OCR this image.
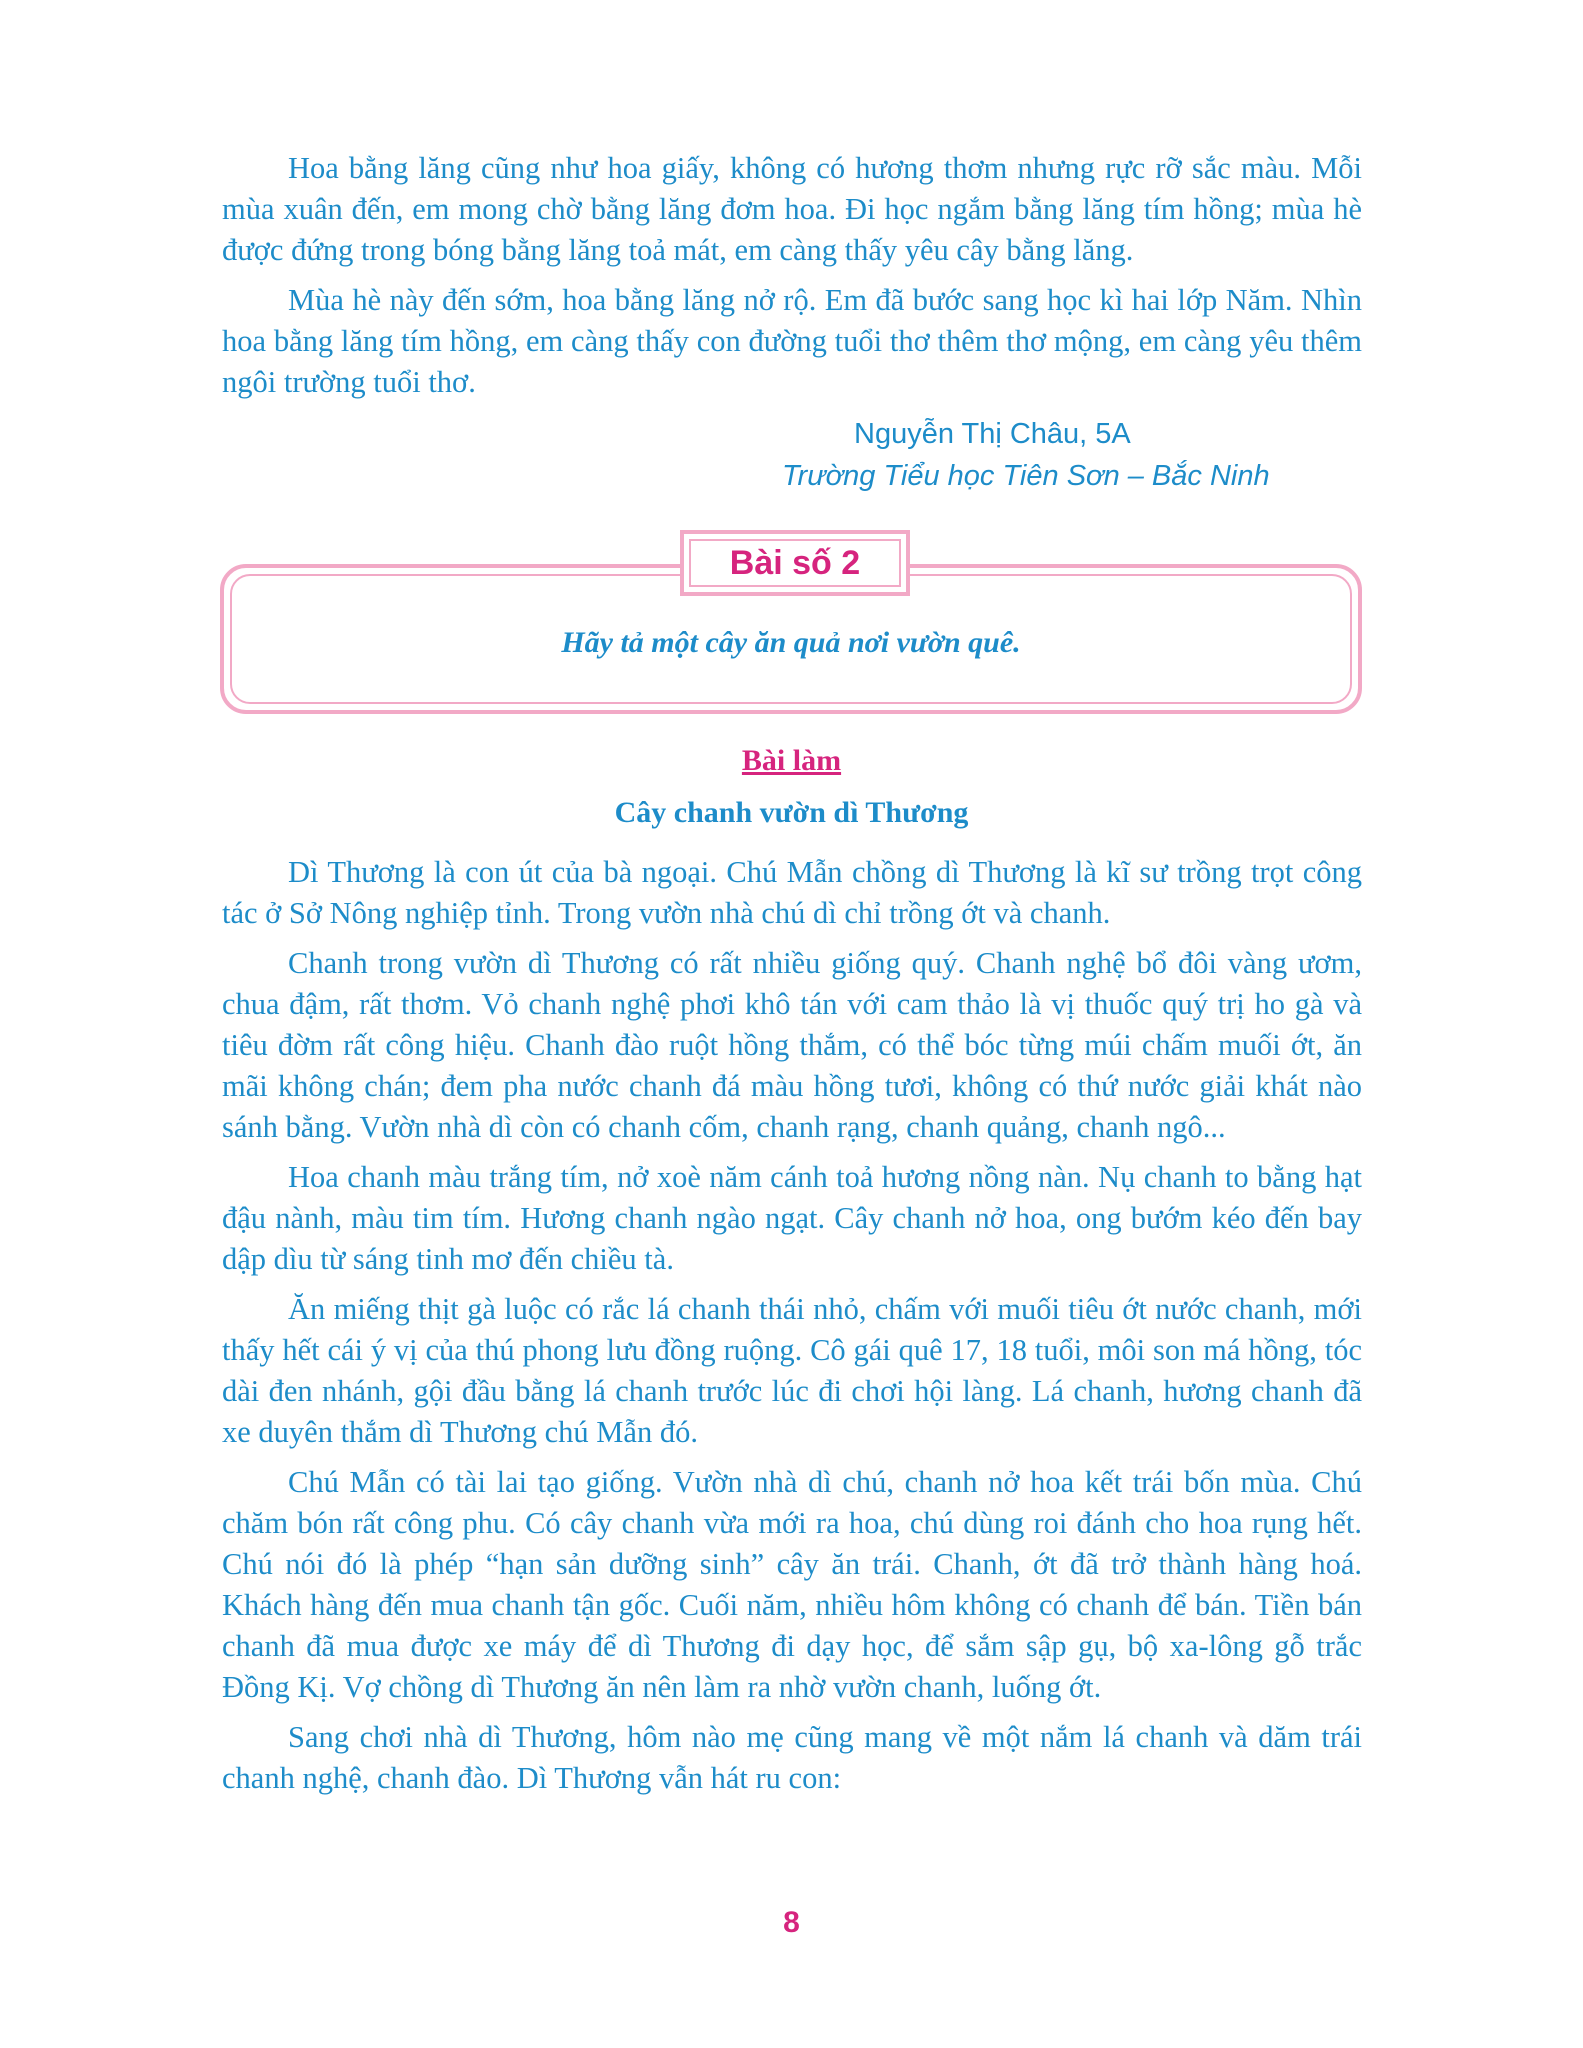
Hoa bằng lăng cũng như hoa giấy, không có hương thơm nhưng rực rỡ sắc màu. Mỗi mùa xuân đến, em mong chờ bằng lăng đơm hoa. Đi học ngắm bằng lăng tím hồng; mùa hè được đứng trong bóng bằng lăng toả mát, em càng thấy yêu cây bằng lăng.

Mùa hè này đến sớm, hoa bằng lăng nở rộ. Em đã bước sang học kì hai lớp Năm. Nhìn hoa bằng lăng tím hồng, em càng thấy con đường tuổi thơ thêm thơ mộng, em càng yêu thêm ngôi trường tuổi thơ.

Nguyễn Thị Châu, 5A
Trường Tiểu học Tiên Sơn – Bắc Ninh
Bài số 2
Hãy tả một cây ăn quả nơi vườn quê.
Bài làm
Cây chanh vườn dì Thương

Dì Thương là con út của bà ngoại. Chú Mẫn chồng dì Thương là kĩ sư trồng trọt công tác ở Sở Nông nghiệp tỉnh. Trong vườn nhà chú dì chỉ trồng ớt và chanh.

Chanh trong vườn dì Thương có rất nhiều giống quý. Chanh nghệ bổ đôi vàng ươm, chua đậm, rất thơm. Vỏ chanh nghệ phơi khô tán với cam thảo là vị thuốc quý trị ho gà và tiêu đờm rất công hiệu. Chanh đào ruột hồng thắm, có thể bóc từng múi chấm muối ớt, ăn mãi không chán; đem pha nước chanh đá màu hồng tươi, không có thứ nước giải khát nào sánh bằng. Vườn nhà dì còn có chanh cốm, chanh rạng, chanh quảng, chanh ngô...

Hoa chanh màu trắng tím, nở xoè năm cánh toả hương nồng nàn. Nụ chanh to bằng hạt đậu nành, màu tim tím. Hương chanh ngào ngạt. Cây chanh nở hoa, ong bướm kéo đến bay dập dìu từ sáng tinh mơ đến chiều tà.

Ăn miếng thịt gà luộc có rắc lá chanh thái nhỏ, chấm với muối tiêu ớt nước chanh, mới thấy hết cái ý vị của thú phong lưu đồng ruộng. Cô gái quê 17, 18 tuổi, môi son má hồng, tóc dài đen nhánh, gội đầu bằng lá chanh trước lúc đi chơi hội làng. Lá chanh, hương chanh đã xe duyên thắm dì Thương chú Mẫn đó.

Chú Mẫn có tài lai tạo giống. Vườn nhà dì chú, chanh nở hoa kết trái bốn mùa. Chú chăm bón rất công phu. Có cây chanh vừa mới ra hoa, chú dùng roi đánh cho hoa rụng hết. Chú nói đó là phép “hạn sản dưỡng sinh” cây ăn trái. Chanh, ớt đã trở thành hàng hoá. Khách hàng đến mua chanh tận gốc. Cuối năm, nhiều hôm không có chanh để bán. Tiền bán chanh đã mua được xe máy để dì Thương đi dạy học, để sắm sập gụ, bộ xa-lông gỗ trắc Đồng Kị. Vợ chồng dì Thương ăn nên làm ra nhờ vườn chanh, luống ớt.

Sang chơi nhà dì Thương, hôm nào mẹ cũng mang về một nắm lá chanh và dăm trái chanh nghệ, chanh đào. Dì Thương vẫn hát ru con:

8
